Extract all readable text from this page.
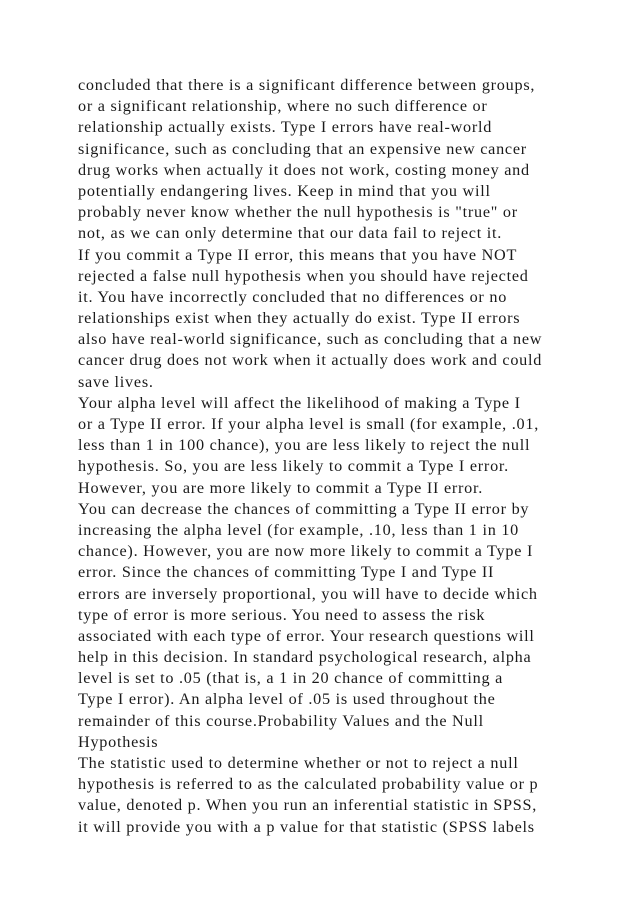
concluded that there is a significant difference between groups,
or a significant relationship, where no such difference or
relationship actually exists. Type I errors have real-world
significance, such as concluding that an expensive new cancer
drug works when actually it does not work, costing money and
potentially endangering lives. Keep in mind that you will
probably never know whether the null hypothesis is "true" or
not, as we can only determine that our data fail to reject it.
If you commit a Type II error, this means that you have NOT
rejected a false null hypothesis when you should have rejected
it. You have incorrectly concluded that no differences or no
relationships exist when they actually do exist. Type II errors
also have real-world significance, such as concluding that a new
cancer drug does not work when it actually does work and could
save lives.
Your alpha level will affect the likelihood of making a Type I
or a Type II error. If your alpha level is small (for example, .01,
less than 1 in 100 chance), you are less likely to reject the null
hypothesis. So, you are less likely to commit a Type I error.
However, you are more likely to commit a Type II error.
You can decrease the chances of committing a Type II error by
increasing the alpha level (for example, .10, less than 1 in 10
chance). However, you are now more likely to commit a Type I
error. Since the chances of committing Type I and Type II
errors are inversely proportional, you will have to decide which
type of error is more serious. You need to assess the risk
associated with each type of error. Your research questions will
help in this decision. In standard psychological research, alpha
level is set to .05 (that is, a 1 in 20 chance of committing a
Type I error). An alpha level of .05 is used throughout the
remainder of this course.Probability Values and the Null
Hypothesis
The statistic used to determine whether or not to reject a null
hypothesis is referred to as the calculated probability value or p
value, denoted p. When you run an inferential statistic in SPSS,
it will provide you with a p value for that statistic (SPSS labels
